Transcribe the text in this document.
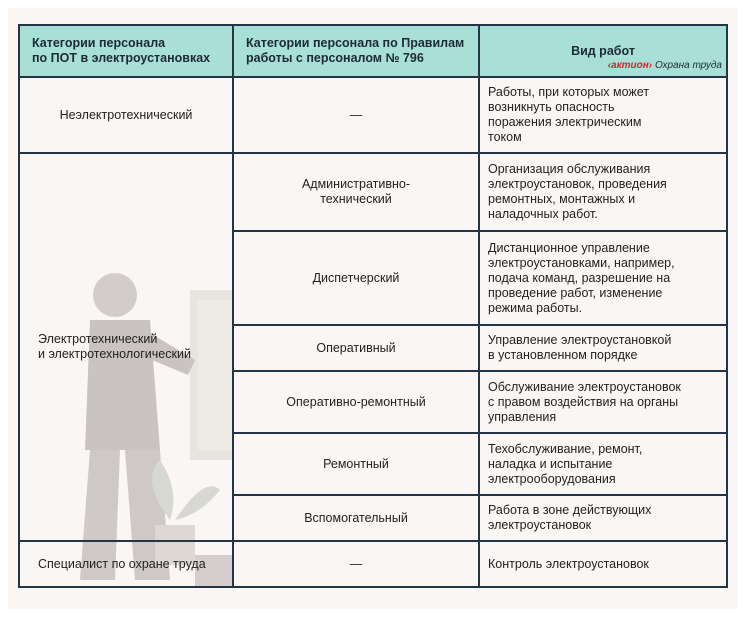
Категории персонала
по ПОТ в электроустановках	Категории персонала по Правилам
работы с персоналом № 796	Вид работ
‹актион› Охрана труда

Неэлектротехнический	—	Работы, при которых может
возникнуть опасность
поражения электрическим
током
Электротехнический
и электротехнологический	Административно-
технический	Организация обслуживания
электроустановок, проведения
ремонтных, монтажных и
наладочных работ.
	Диспетчерский	Дистанционное управление
электроустановками, например,
подача команд, разрешение на
проведение работ, изменение
режима работы.
	Оперативный	Управление электроустановкой
в установленном порядке
	Оперативно-ремонтный	Обслуживание электроустановок
с правом воздействия на органы
управления
	Ремонтный	Техобслуживание, ремонт,
наладка и испытание
электрооборудования
	Вспомогательный	Работа в зоне действующих
электроустановок
Специалист по охране труда	—	Контроль электроустановок
